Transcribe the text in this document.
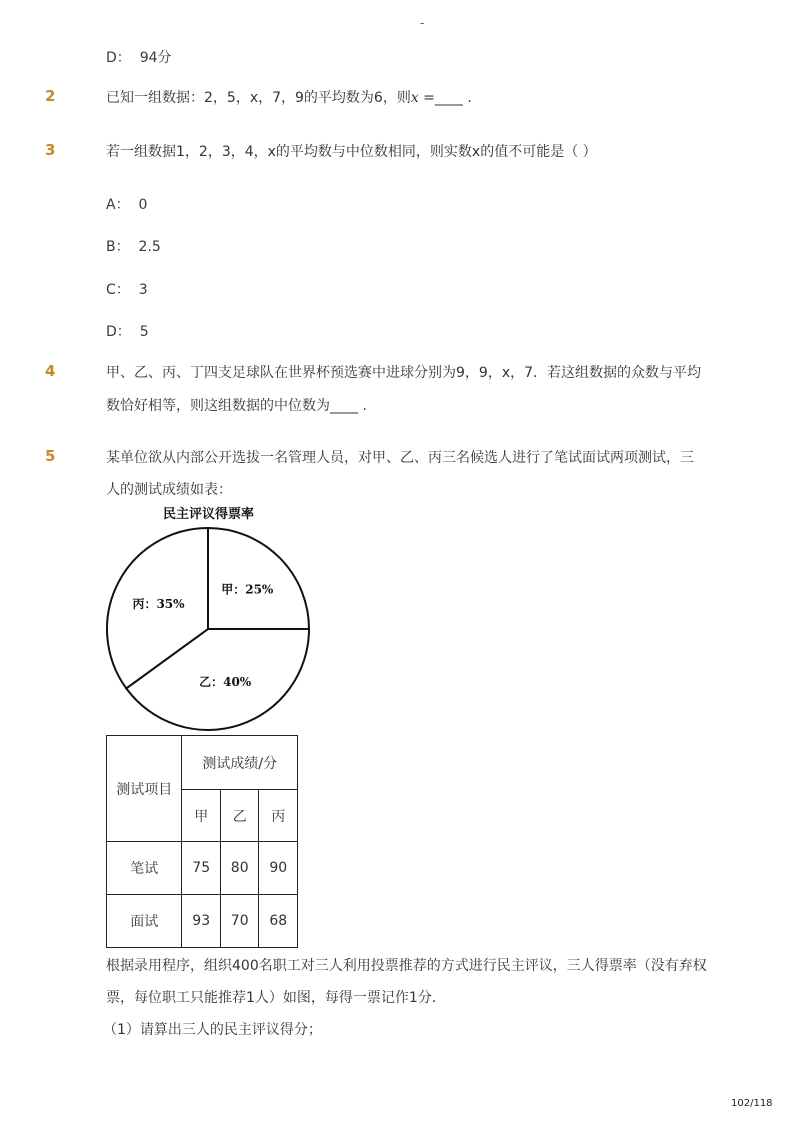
-
D： 94分
2	已知一组数据：2，5，x，7，9的平均数为6，则x =____ .
3	若一组数据1，2，3，4，x的平均数与中位数相同，则实数x的值不可能是（ ）
A： 0
B： 2.5
C： 3
D： 5
4	甲、乙、丙、丁四支足球队在世界杯预选赛中进球分别为9，9，x，7．若这组数据的众数与平均
数恰好相等，则这组数据的中位数为____ .
5	某单位欲从内部公开选拔一名管理人员，对甲、乙、丙三名候选人进行了笔试面试两项测试，三
人的测试成绩如表：
民主评议得票率
甲：25%
乙：40%
丙：35%
测试项目	测试成绩/分		
	甲	乙	丙
笔试	75	80	90
面试	93	70	68
根据录用程序，组织400名职工对三人利用投票推荐的方式进行民主评议，三人得票率（没有弃权
票，每位职工只能推荐1人）如图，每得一票记作1分．
（1）请算出三人的民主评议得分；
102/118
